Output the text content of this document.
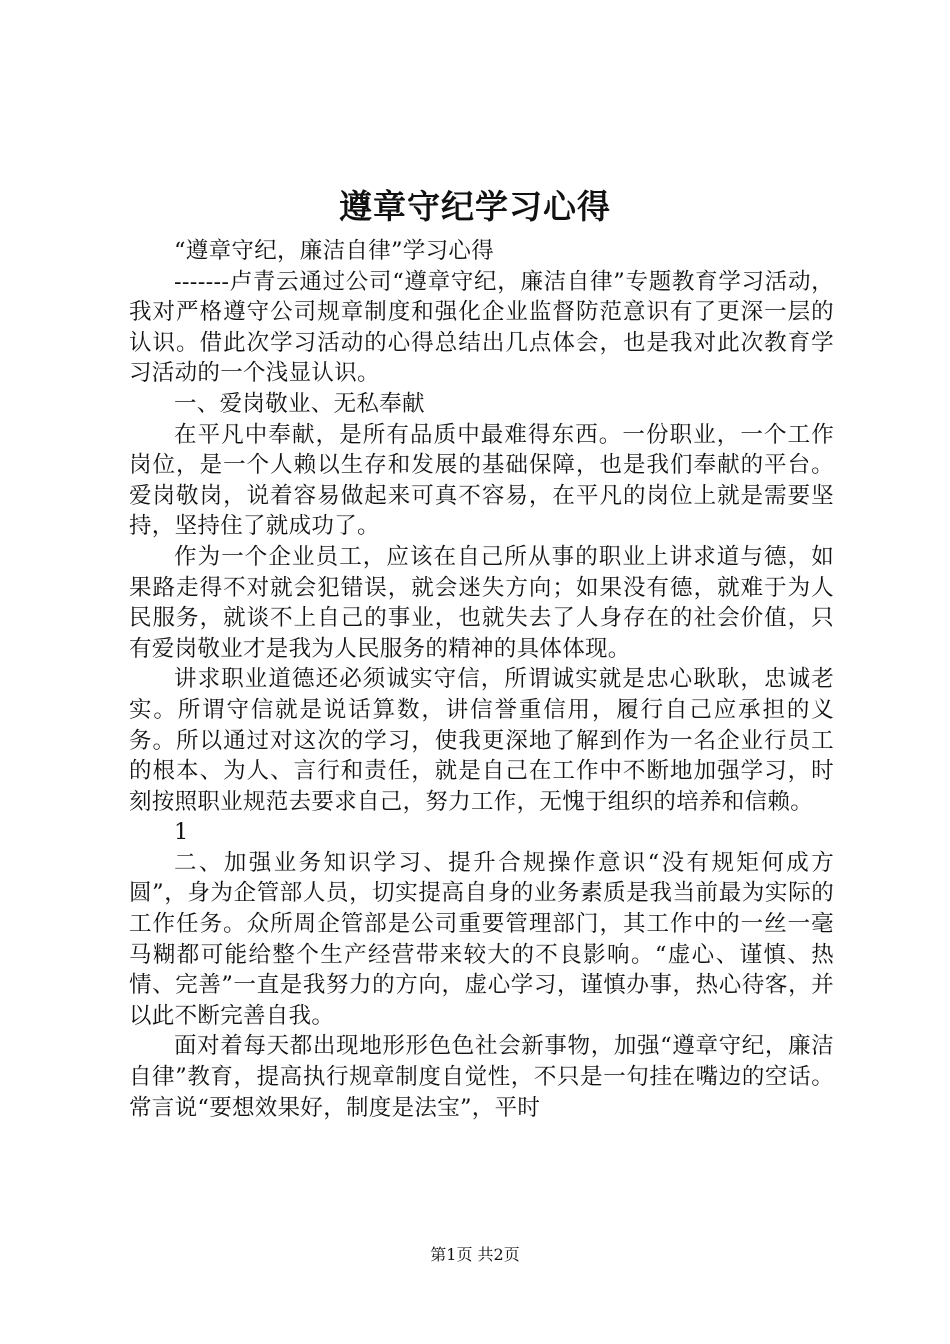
遵章守纪学习心得

“遵章守纪，廉洁自律”学习心得

-------卢青云通过公司“遵章守纪，廉洁自律”专题教育学习活动，我对严格遵守公司规章制度和强化企业监督防范意识有了更深一层的认识。借此次学习活动的心得总结出几点体会，也是我对此次教育学习活动的一个浅显认识。

一、爱岗敬业、无私奉献

在平凡中奉献，是所有品质中最难得东西。一份职业，一个工作岗位，是一个人赖以生存和发展的基础保障，也是我们奉献的平台。爱岗敬岗，说着容易做起来可真不容易，在平凡的岗位上就是需要坚持，坚持住了就成功了。

作为一个企业员工，应该在自己所从事的职业上讲求道与德，如果路走得不对就会犯错误，就会迷失方向；如果没有德，就难于为人民服务，就谈不上自己的事业，也就失去了人身存在的社会价值，只有爱岗敬业才是我为人民服务的精神的具体体现。

讲求职业道德还必须诚实守信，所谓诚实就是忠心耿耿，忠诚老实。所谓守信就是说话算数，讲信誉重信用，履行自己应承担的义务。所以通过对这次的学习，使我更深地了解到作为一名企业行员工的根本、为人、言行和责任，就是自己在工作中不断地加强学习，时刻按照职业规范去要求自己，努力工作，无愧于组织的培养和信赖。

1

二、加强业务知识学习、提升合规操作意识“没有规矩何成方圆”，身为企管部人员，切实提高自身的业务素质是我当前最为实际的工作任务。众所周企管部是公司重要管理部门，其工作中的一丝一毫马糊都可能给整个生产经营带来较大的不良影响。“虚心、谨慎、热情、完善”一直是我努力的方向，虚心学习，谨慎办事，热心待客，并以此不断完善自我。

面对着每天都出现地形形色色社会新事物，加强“遵章守纪，廉洁自律”教育，提高执行规章制度自觉性，不只是一句挂在嘴边的空话。常言说“要想效果好，制度是法宝”，平时

第1页 共2页
